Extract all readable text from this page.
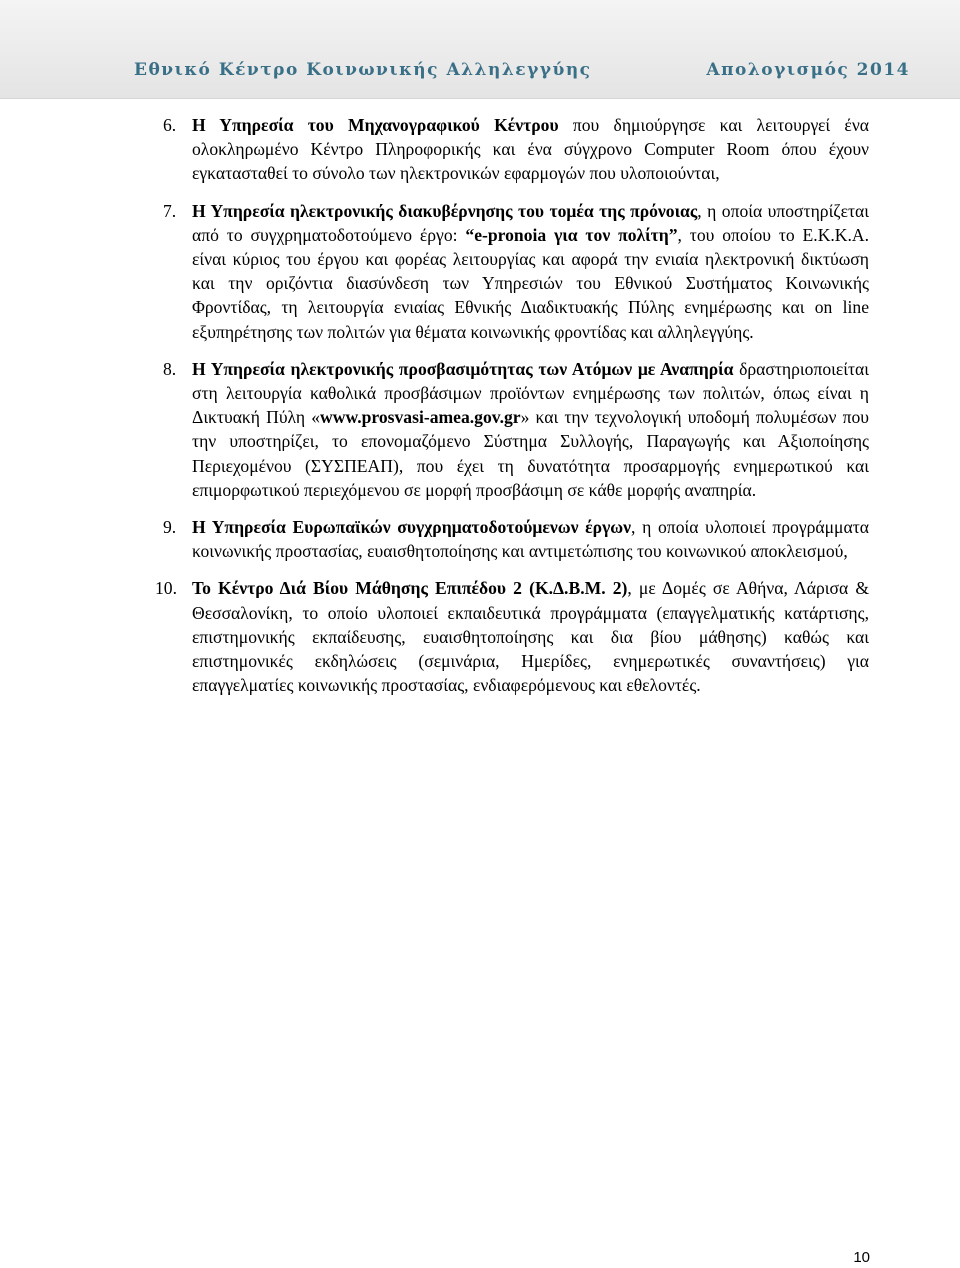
Εθνικό Κέντρο Κοινωνικής Αλληλεγγύης	Απολογισμός 2014
6. Η Υπηρεσία του Μηχανογραφικού Κέντρου που δημιούργησε και λειτουργεί ένα ολοκληρωμένο Κέντρο Πληροφορικής και ένα σύγχρονο Computer Room όπου έχουν εγκατασταθεί το σύνολο των ηλεκτρονικών εφαρμογών που υλοποιούνται,

7. Η Υπηρεσία ηλεκτρονικής διακυβέρνησης του τομέα της πρόνοιας, η οποία υποστηρίζεται από το συγχρηματοδοτούμενο έργο: “e-pronoia για τον πολίτη”, του οποίου το Ε.Κ.Κ.Α. είναι κύριος του έργου και φορέας λειτουργίας και αφορά την ενιαία ηλεκτρονική δικτύωση και την οριζόντια διασύνδεση των Υπηρεσιών του Εθνικού Συστήματος Κοινωνικής Φροντίδας, τη λειτουργία ενιαίας Εθνικής Διαδικτυακής Πύλης ενημέρωσης και on line εξυπηρέτησης των πολιτών για θέματα κοινωνικής φροντίδας και αλληλεγγύης.

8. Η Υπηρεσία ηλεκτρονικής προσβασιμότητας των Ατόμων με Αναπηρία δραστηριοποιείται στη λειτουργία καθολικά προσβάσιμων προϊόντων ενημέρωσης των πολιτών, όπως είναι η Δικτυακή Πύλη «www.prosvasi-amea.gov.gr» και την τεχνολογική υποδομή πολυμέσων που την υποστηρίζει, το επονομαζόμενο Σύστημα Συλλογής, Παραγωγής και Αξιοποίησης Περιεχομένου (ΣΥΣΠΕΑΠ), που έχει τη δυνατότητα προσαρμογής ενημερωτικού και επιμορφωτικού περιεχόμενου σε μορφή προσβάσιμη σε κάθε μορφής αναπηρία.

9. Η Υπηρεσία Ευρωπαϊκών συγχρηματοδοτούμενων έργων, η οποία υλοποιεί προγράμματα κοινωνικής προστασίας, ευαισθητοποίησης και αντιμετώπισης του κοινωνικού αποκλεισμού,

10. Το Κέντρο Διά Βίου Μάθησης Επιπέδου 2 (Κ.Δ.Β.Μ. 2), με Δομές σε Αθήνα, Λάρισα & Θεσσαλονίκη, το οποίο υλοποιεί εκπαιδευτικά προγράμματα (επαγγελματικής κατάρτισης, επιστημονικής εκπαίδευσης, ευαισθητοποίησης και δια βίου μάθησης) καθώς και επιστημονικές εκδηλώσεις (σεμινάρια, Ημερίδες, ενημερωτικές συναντήσεις) για επαγγελματίες κοινωνικής προστασίας, ενδιαφερόμενους και εθελοντές.

10
